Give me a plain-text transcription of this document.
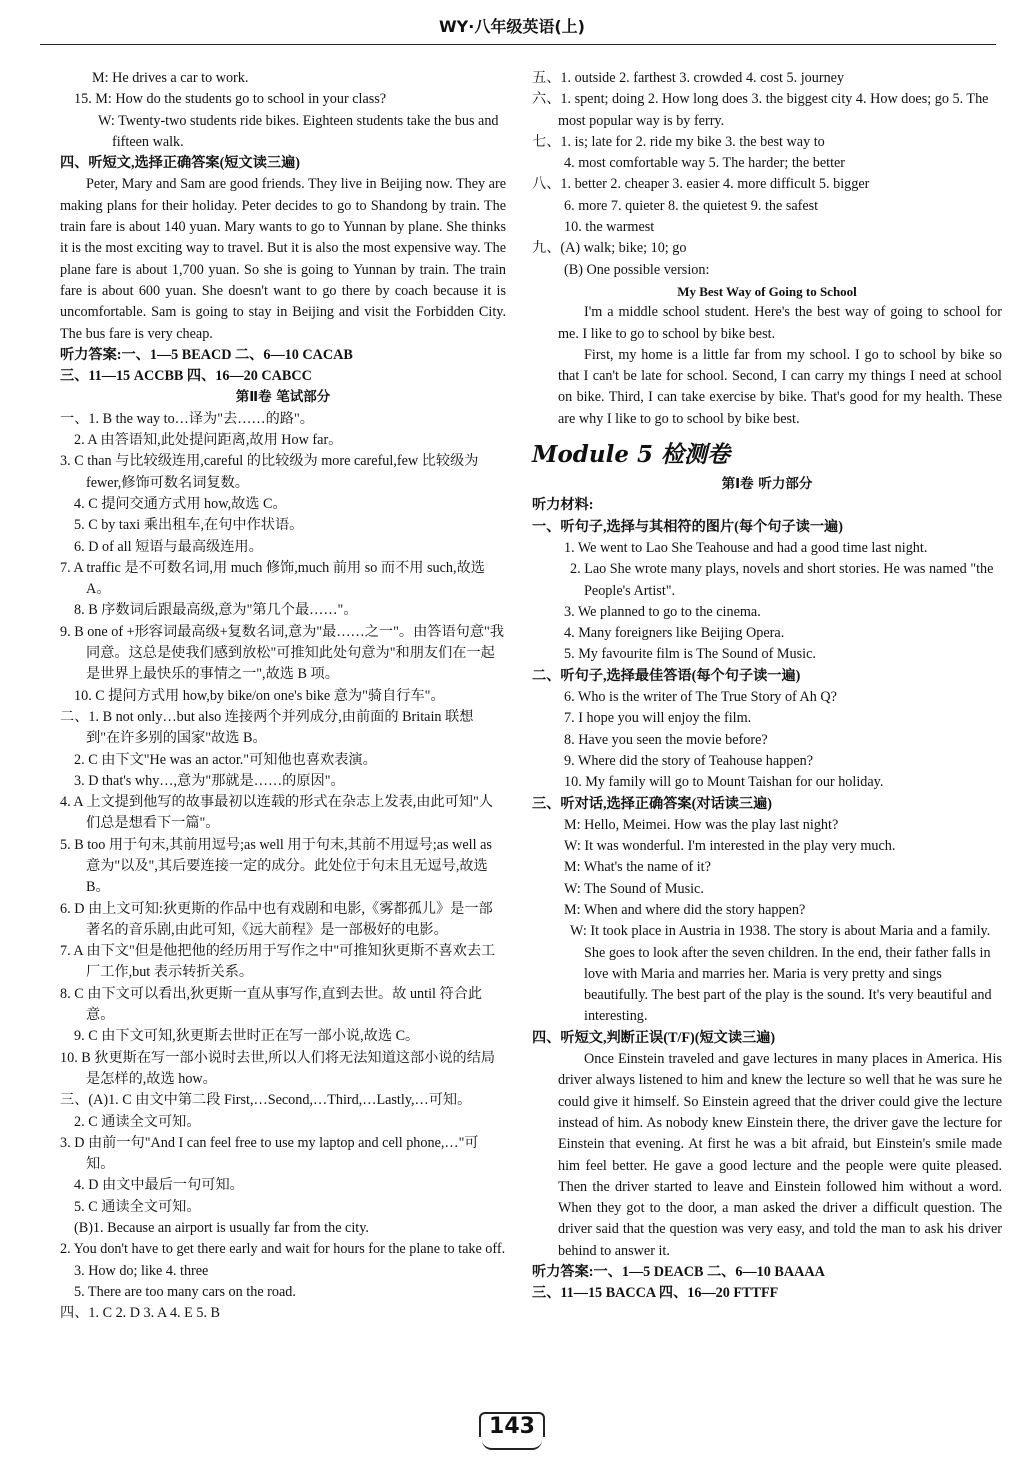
WY·八年级英语(上)

M: He drives a car to work.

15. M: How do the students go to school in your class?

W: Twenty-two students ride bikes. Eighteen students take the bus and fifteen walk.

四、听短文,选择正确答案(短文读三遍)

Peter, Mary and Sam are good friends. They live in Beijing now. They are making plans for their holiday. Peter decides to go to Shandong by train. The train fare is about 140 yuan. Mary wants to go to Yunnan by plane. She thinks it is the most exciting way to travel. But it is also the most expensive way. The plane fare is about 1,700 yuan. So she is going to Yunnan by train. The train fare is about 600 yuan. She doesn't want to go there by coach because it is uncomfortable. Sam is going to stay in Beijing and visit the Forbidden City. The bus fare is very cheap.

听力答案:一、1—5 BEACD 二、6—10 CACAB

三、11—15 ACCBB 四、16—20 CABCC

第Ⅱ卷 笔试部分

一、1. B the way to…译为"去……的路"。

2. A 由答语知,此处提问距离,故用 How far。

3. C than 与比较级连用,careful 的比较级为 more careful,few 比较级为 fewer,修饰可数名词复数。

4. C 提问交通方式用 how,故选 C。

5. C by taxi 乘出租车,在句中作状语。

6. D of all 短语与最高级连用。

7. A traffic 是不可数名词,用 much 修饰,much 前用 so 而不用 such,故选 A。

8. B 序数词后跟最高级,意为"第几个最……"。

9. B one of +形容词最高级+复数名词,意为"最……之一"。由答语句意"我同意。这总是使我们感到放松"可推知此处句意为"和朋友们在一起是世界上最快乐的事情之一",故选 B 项。

10. C 提问方式用 how,by bike/on one's bike 意为"骑自行车"。

二、1. B not only…but also 连接两个并列成分,由前面的 Britain 联想到"在许多别的国家"故选 B。

2. C 由下文"He was an actor."可知他也喜欢表演。

3. D that's why…,意为"那就是……的原因"。

4. A 上文提到他写的故事最初以连载的形式在杂志上发表,由此可知"人们总是想看下一篇"。

5. B too 用于句末,其前用逗号;as well 用于句末,其前不用逗号;as well as 意为"以及",其后要连接一定的成分。此处位于句末且无逗号,故选 B。

6. D 由上文可知:狄更斯的作品中也有戏剧和电影,《雾都孤儿》是一部著名的音乐剧,由此可知,《远大前程》是一部极好的电影。

7. A 由下文"但是他把他的经历用于写作之中"可推知狄更斯不喜欢去工厂工作,but 表示转折关系。

8. C 由下文可以看出,狄更斯一直从事写作,直到去世。故 until 符合此意。

9. C 由下文可知,狄更斯去世时正在写一部小说,故选 C。

10. B 狄更斯在写一部小说时去世,所以人们将无法知道这部小说的结局是怎样的,故选 how。

三、(A)1. C 由文中第二段 First,…Second,…Third,…Lastly,…可知。

2. C 通读全文可知。

3. D 由前一句"And I can feel free to use my laptop and cell phone,…"可知。

4. D 由文中最后一句可知。

5. C 通读全文可知。

(B)1. Because an airport is usually far from the city.

2. You don't have to get there early and wait for hours for the plane to take off.

3. How do; like 4. three

5. There are too many cars on the road.

四、1. C 2. D 3. A 4. E 5. B

五、1. outside 2. farthest 3. crowded 4. cost 5. journey

六、1. spent; doing 2. How long does 3. the biggest city 4. How does; go 5. The most popular way is by ferry.

七、1. is; late for 2. ride my bike 3. the best way to

4. most comfortable way 5. The harder; the better

八、1. better 2. cheaper 3. easier 4. more difficult 5. bigger

6. more 7. quieter 8. the quietest 9. the safest

10. the warmest

九、(A) walk; bike; 10; go

(B) One possible version:

My Best Way of Going to School

I'm a middle school student. Here's the best way of going to school for me. I like to go to school by bike best.

First, my home is a little far from my school. I go to school by bike so that I can't be late for school. Second, I can carry my things I need at school on bike. Third, I can take exercise by bike. That's good for my health. These are why I like to go to school by bike best.

Module 5 检测卷

第Ⅰ卷 听力部分

听力材料:

一、听句子,选择与其相符的图片(每个句子读一遍)

1. We went to Lao She Teahouse and had a good time last night.

2. Lao She wrote many plays, novels and short stories. He was named "the People's Artist".

3. We planned to go to the cinema.

4. Many foreigners like Beijing Opera.

5. My favourite film is The Sound of Music.

二、听句子,选择最佳答语(每个句子读一遍)

6. Who is the writer of The True Story of Ah Q?

7. I hope you will enjoy the film.

8. Have you seen the movie before?

9. Where did the story of Teahouse happen?

10. My family will go to Mount Taishan for our holiday.

三、听对话,选择正确答案(对话读三遍)

M: Hello, Meimei. How was the play last night?

W: It was wonderful. I'm interested in the play very much.

M: What's the name of it?

W: The Sound of Music.

M: When and where did the story happen?

W: It took place in Austria in 1938. The story is about Maria and a family. She goes to look after the seven children. In the end, their father falls in love with Maria and marries her. Maria is very pretty and sings beautifully. The best part of the play is the sound. It's very beautiful and interesting.

四、听短文,判断正误(T/F)(短文读三遍)

Once Einstein traveled and gave lectures in many places in America. His driver always listened to him and knew the lecture so well that he was sure he could give it himself. So Einstein agreed that the driver could give the lecture instead of him. As nobody knew Einstein there, the driver gave the lecture for Einstein that evening. At first he was a bit afraid, but Einstein's smile made him feel better. He gave a good lecture and the people were quite pleased. Then the driver started to leave and Einstein followed him without a word. When they got to the door, a man asked the driver a difficult question. The driver said that the question was very easy, and told the man to ask his driver behind to answer it.

听力答案:一、1—5 DEACB 二、6—10 BAAAA

三、11—15 BACCA 四、16—20 FTTFF

143
